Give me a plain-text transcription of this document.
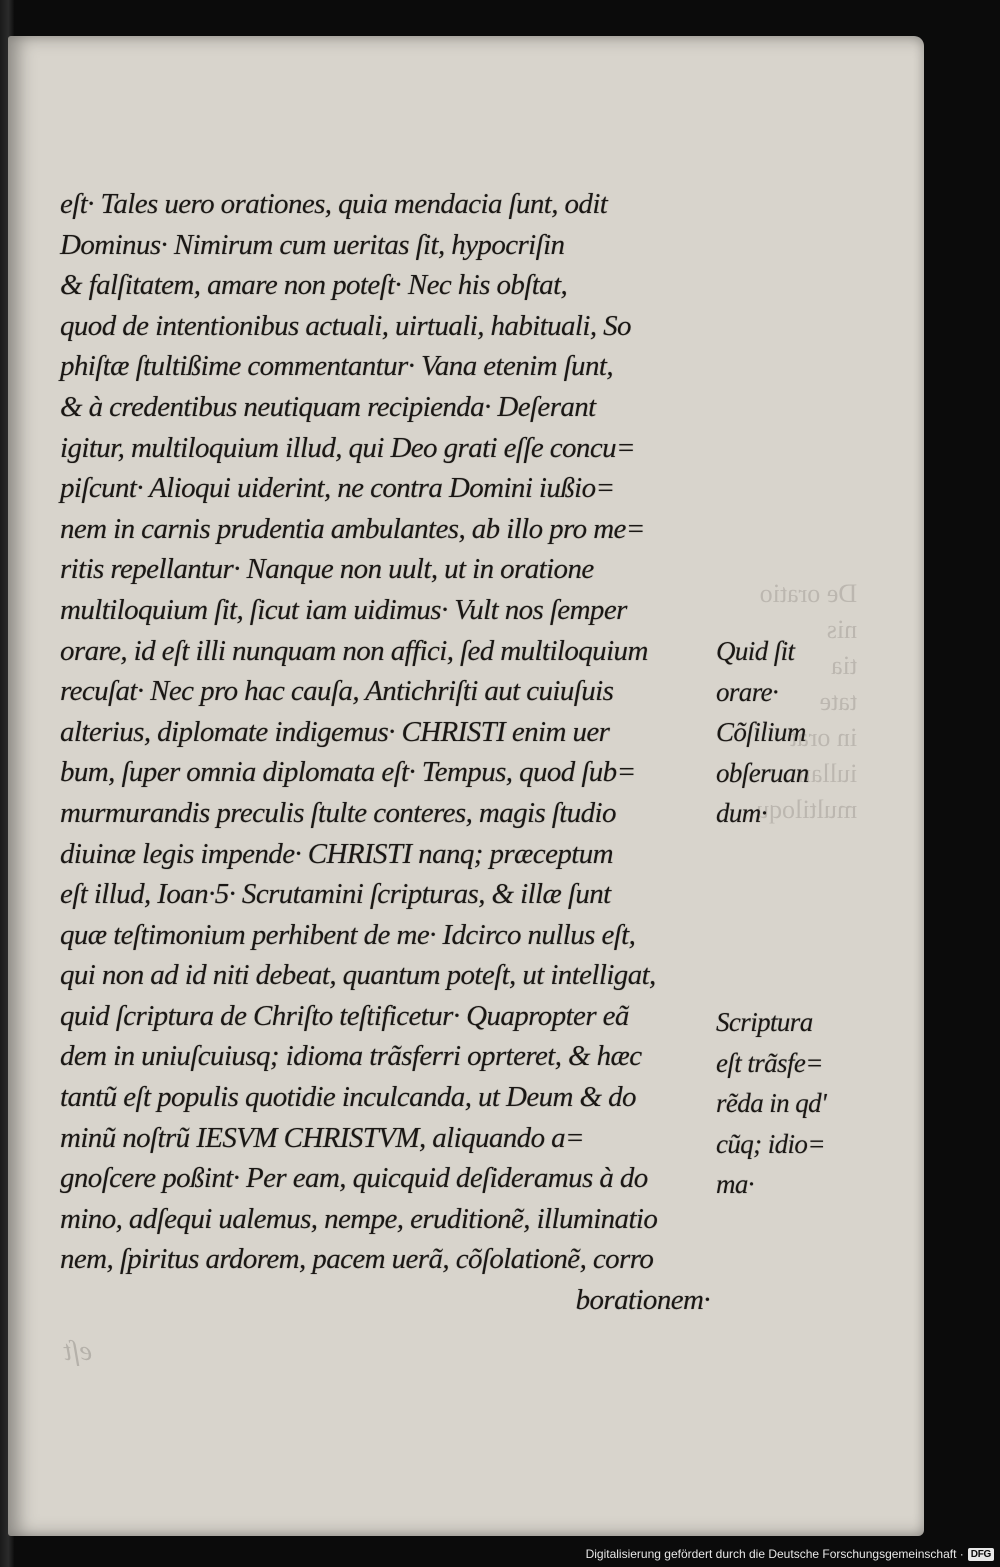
De oratio
nis
tia
tate
in orat
iullan
multiloqu
eſt
eſt· Tales uero orationes, quia mendacia ſunt, odit
Dominus· Nimirum cum ueritas ſit, hypocriſin
& falſitatem, amare non poteſt· Nec his obſtat,
quod de intentionibus actuali, uirtuali, habituali, So
phiſtæ ſtultißime commentantur· Vana etenim ſunt,
& à credentibus neutiquam recipienda· Deſerant
igitur, multiloquium illud, qui Deo grati eſſe concu=
piſcunt· Alioqui uiderint, ne contra Domini iußio=
nem in carnis prudentia ambulantes, ab illo pro me=
ritis repellantur· Nanque non uult, ut in oratione
multiloquium ſit, ſicut iam uidimus· Vult nos ſemper
orare, id eſt illi nunquam non affici, ſed multiloquium
recuſat· Nec pro hac cauſa, Antichriſti aut cuiuſuis
alterius, diplomate indigemus· CHRISTI enim uer
bum, ſuper omnia diplomata eſt· Tempus, quod ſub=
murmurandis preculis ſtulte conteres, magis ſtudio
diuinæ legis impende· CHRISTI nanq; præceptum
eſt illud, Ioan·5· Scrutamini ſcripturas, & illæ ſunt
quæ teſtimonium perhibent de me· Idcirco nullus eſt,
qui non ad id niti debeat, quantum poteſt, ut intelligat,
quid ſcriptura de Chriſto teſtificetur· Quapropter eã
dem in uniuſcuiusq; idioma trãsferri oprteret, & hæc
tantũ eſt populis quotidie inculcanda, ut Deum & do
minũ noſtrũ IESVM CHRISTVM, aliquando a=
gnoſcere poßint· Per eam, quicquid deſideramus à do
mino, adſequi ualemus, nempe, eruditionẽ, illuminatio
nem, ſpiritus ardorem, pacem uerã, cõſolationẽ, corro
borationem·
Quid ſit
orare·
Cõſilium
obſeruan
dum·
Scriptura
eſt trãsfe=
rẽda in qd'
cũq; idio=
ma·
Digitalisierung gefördert durch die Deutsche Forschungsgemeinschaft · DFG
